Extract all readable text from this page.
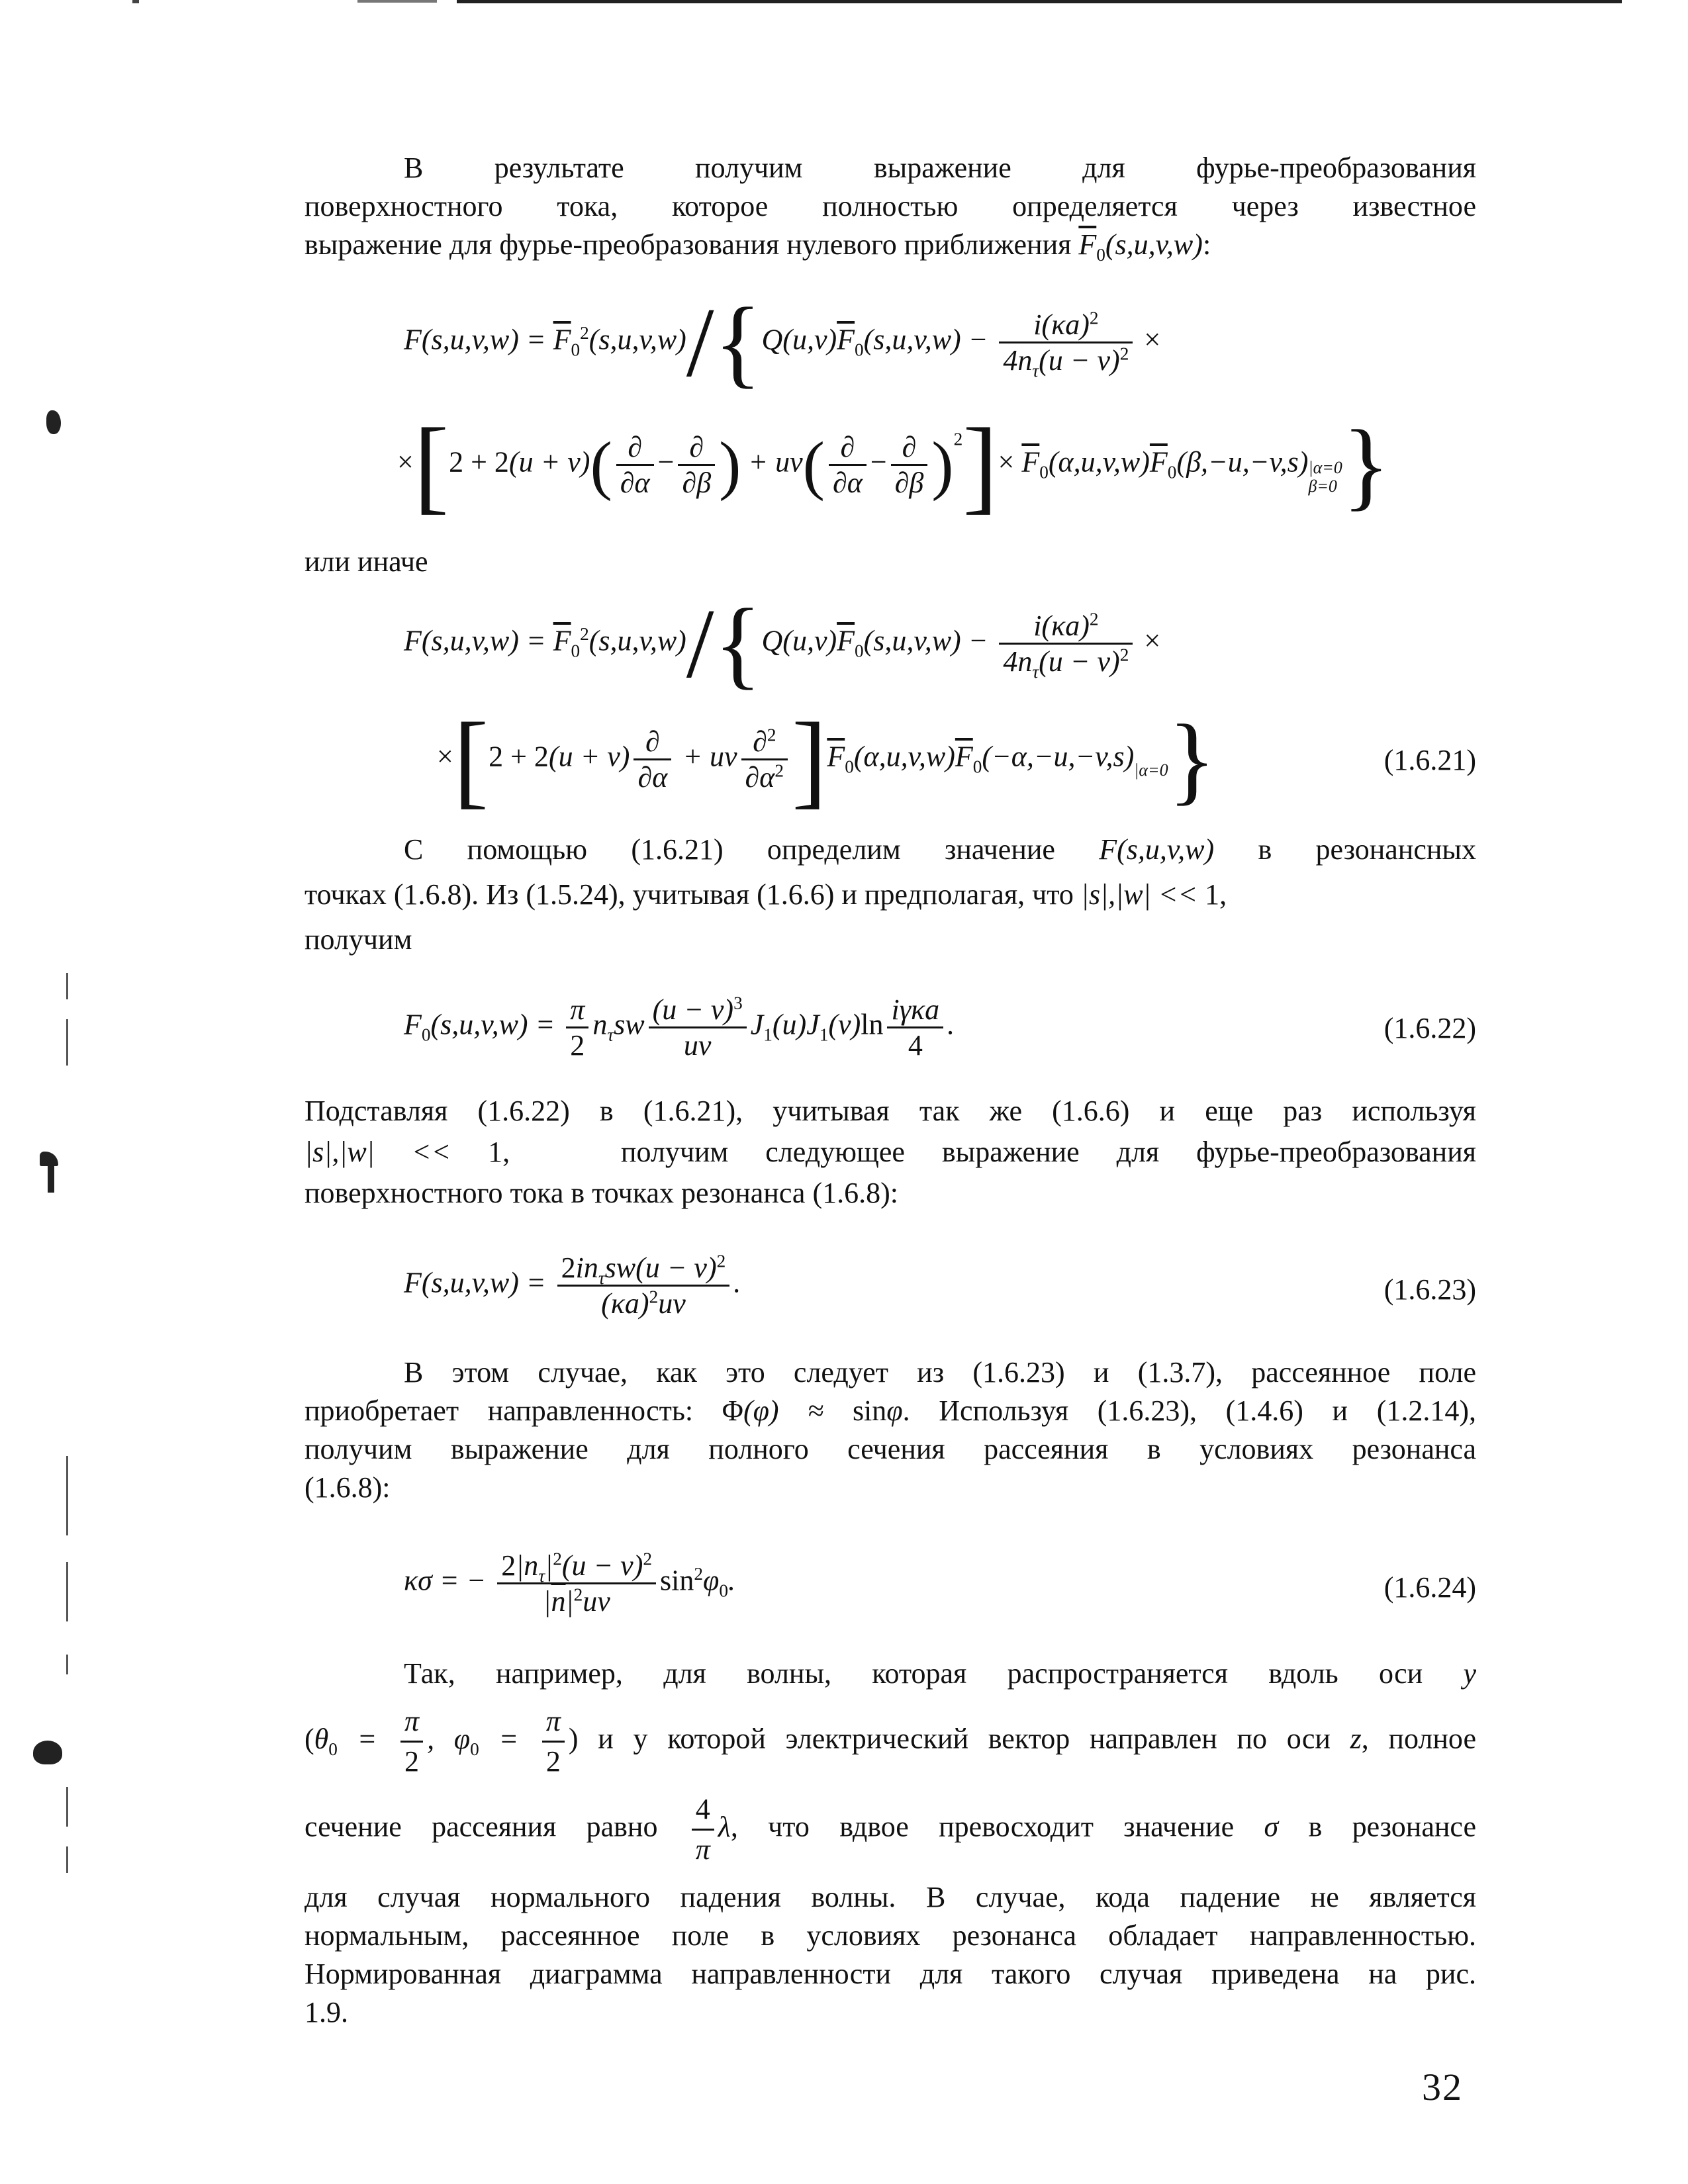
В результате получим выражение для фурье-преобразования
поверхностного тока, которое полностью определяется через известное
выражение для фурье-преобразования нулевого приближения $\overline{F}_0(s,u,v,w)$:
$F(s,u,v,w) = \overline{F}_0^2(s,u,v,w)/\{Q(u,v)\overline{F}_0(s,u,v,w) - \frac{i(\kappa a)^2}{4n_\tau(u - v)^2}$ ×
$\times[2 + 2(u + v)( \frac{\partial}{\partial\alpha} - \frac{\partial}{\partial\beta}$ ) + $uv( \frac{\partial}{\partial\alpha} - \frac{\partial}{\partial\beta} )^2]\times \overline{F}_0(\alpha,u,v,w)\overline{F}_0(\beta,-u,-v,s)|\alpha=0$
β=0}
или иначе
$F(s,u,v,w) = \overline{F}_0^2(s,u,v,w)/\{Q(u,v)\overline{F}_0(s,u,v,w) - \frac{i(\kappa a)^2}{4n_\tau(u - v)^2}$ ×
$\times[2 + 2(u + v) \frac{\partial}{\partial\alpha}$ + uv $\frac{\partial^2}{\partial\alpha^2} ]\overline{F}_0(\alpha,u,v,w)\overline{F}_0(-\alpha,-u,-v,s)|\alpha=0$}	(1.6.21)
С помощью (1.6.21) определим значение F(s,u,v,w) в резонансных
точках (1.6.8). Из (1.5.24), учитывая (1.6.6) и предполагая, что |s|,|w| << 1,
получим
$F_0(s,u,v,w) = \frac{\pi}{2} n_\tau sw \frac{(u - v)^3}{uv} J_1(u)J_1(v)\ln \frac{\text{iγκa}}{4}$ .	(1.6.22)
Подставляя (1.6.22) в (1.6.21), учитывая так же (1.6.6) и еще раз используя
|s|,|w| << 1,   получим следующее выражение для фурье-преобразования
поверхностного тока в точках резонанса (1.6.8):
$F(s,u,v,w) = \frac{2in_\tau sw(u - v)^2}{(\kappa a)^2uv}$ .	(1.6.23)
В этом случае, как это следует из (1.6.23) и (1.3.7), рассеянное поле
приобретает направленность: Φ(φ) ≈ sinφ. Используя (1.6.23), (1.4.6) и (1.2.14),
получим выражение для полного сечения рассеяния в условиях резонанса
(1.6.8):
κσ = − $\frac{2|n_\tau|^2(u - v)^2}{|\overline{n}|^2uv} \sin^2\varphi_0$.	(1.6.24)
Так, например, для волны, которая распространяется вдоль оси y
($\theta_0 = \frac{\pi}{2}$ , $\varphi_0 = \frac{\pi}{2}$ ) и у которой электрический вектор направлен по оси z, полное
сечение рассеяния равно $\frac{4}{\pi} \lambda$, что вдвое превосходит значение σ в резонансе
для случая нормального падения волны. В случае, кода падение не является
нормальным, рассеянное поле в условиях резонанса обладает направленностью.
Нормированная диаграмма направленности для такого случая приведена на рис.
1.9.
32
